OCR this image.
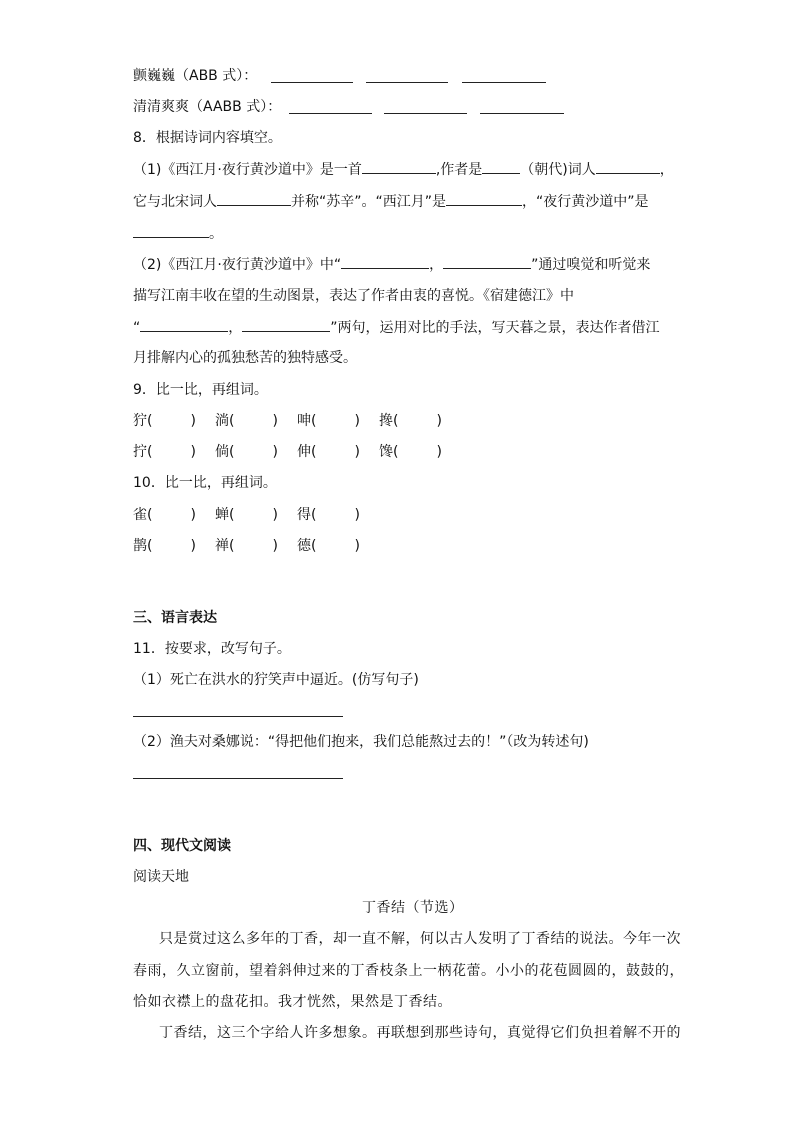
颤巍巍（ABB 式）：
清清爽爽（AABB 式）：
8．根据诗词内容填空。
（1)《西江月·夜行黄沙道中》是一首	,作者是	（朝代)词人	，
它与北宋词人	并称“苏辛”。“西江月”是	，“夜行黄沙道中”是
。
（2)《西江月·夜行黄沙道中》中“	，	”通过嗅觉和听觉来
描写江南丰收在望的生动图景，表达了作者由衷的喜悦。《宿建德江》中
“	，	”两句，运用对比的手法，写天暮之景，表达作者借江
月排解内心的孤独愁苦的独特感受。
9．比一比，再组词。
狞(	) 淌(	) 呻(	) 搀(	)
拧(	) 倘(	) 伸(	) 馋(	)
10．比一比，再组词。
雀(	) 蝉(	) 得(	)
鹊(	) 禅(	) 德(	)
三、语言表达
11．按要求，改写句子。
（1）死亡在洪水的狞笑声中逼近。(仿写句子)
（2）渔夫对桑娜说：“得把他们抱来，我们总能熬过去的！”（改为转述句)
四、现代文阅读
阅读天地
丁香结（节选）
只是赏过这么多年的丁香，却一直不解，何以古人发明了丁香结的说法。今年一次
春雨，久立窗前，望着斜伸过来的丁香枝条上一柄花蕾。小小的花苞圆圆的，鼓鼓的，
恰如衣襟上的盘花扣。我才恍然，果然是丁香结。
丁香结，这三个字给人许多想象。再联想到那些诗句，真觉得它们负担着解不开的
